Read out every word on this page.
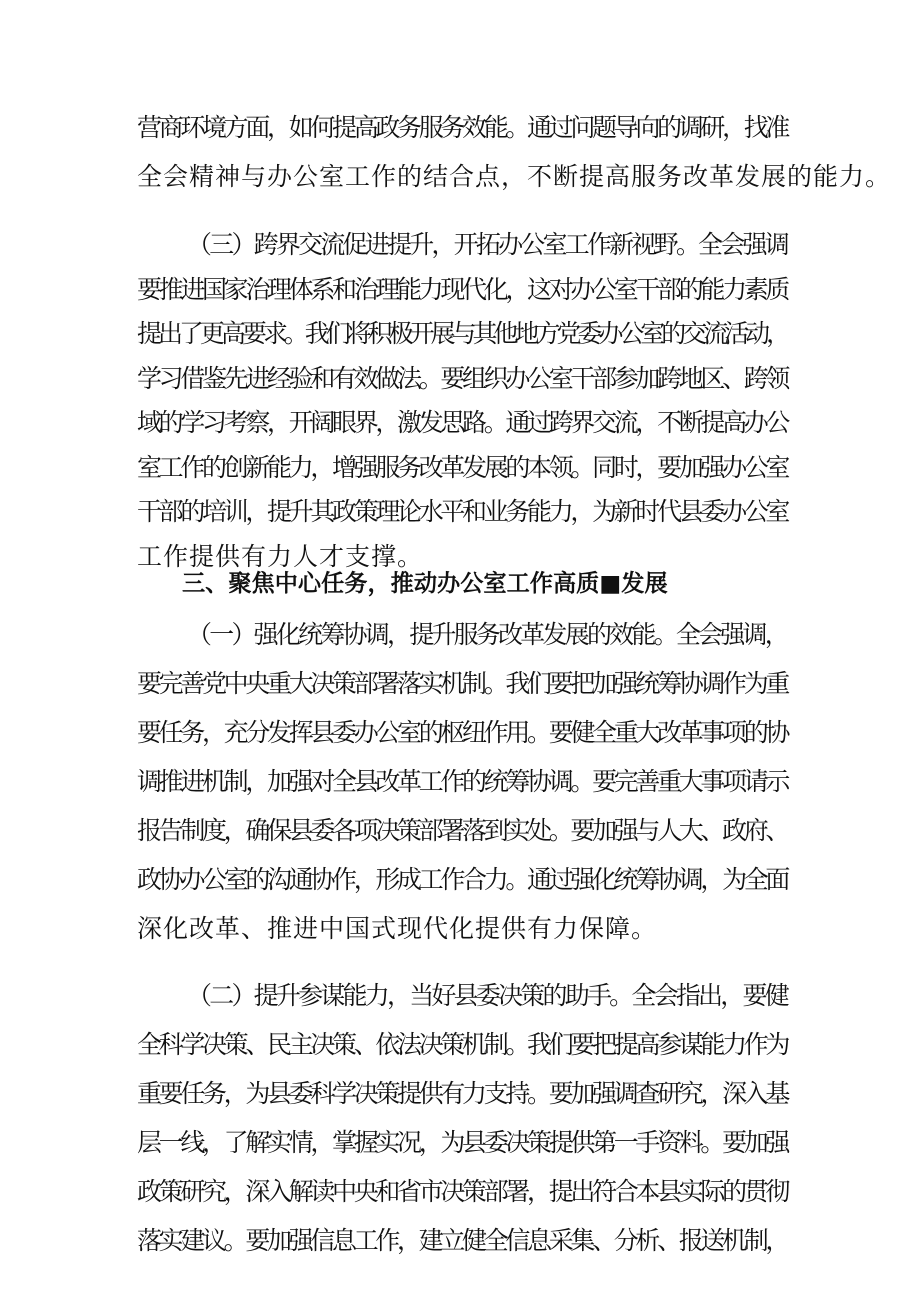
营商环境方面，如何提高政务服务效能。通过问题导向的调研，找准
全会精神与办公室工作的结合点，不断提高服务改革发展的能力。
（三）跨界交流促进提升，开拓办公室工作新视野。全会强调
要推进国家治理体系和治理能力现代化，这对办公室干部的能力素质
提出了更高要求。我们将积极开展与其他地方党委办公室的交流活动，
学习借鉴先进经验和有效做法。要组织办公室干部参加跨地区、跨领
域的学习考察，开阔眼界，激发思路。通过跨界交流，不断提高办公
室工作的创新能力，增强服务改革发展的本领。同时，要加强办公室
干部的培训，提升其政策理论水平和业务能力，为新时代县委办公室
三、聚焦中心任务，推动办公室工作高质■发展
（一）强化统筹协调，提升服务改革发展的效能。全会强调，
要完善党中央重大决策部署落实机制。我们要把加强统筹协调作为重
要任务，充分发挥县委办公室的枢纽作用。要健全重大改革事项的协
调推进机制，加强对全县改革工作的统筹协调。要完善重大事项请示
报告制度，确保县委各项决策部署落到实处。要加强与人大、政府、
政协办公室的沟通协作，形成工作合力。通过强化统筹协调，为全面
深化改革、推进中国式现代化提供有力保障。
（二）提升参谋能力，当好县委决策的助手。全会指出，要健
全科学决策、民主决策、依法决策机制。我们要把提高参谋能力作为
重要任务，为县委科学决策提供有力支持。要加强调查研究，深入基
层一线，了解实情，掌握实况，为县委决策提供第一手资料。要加强
政策研究，深入解读中央和省市决策部署，提出符合本县实际的贯彻
落实建议。要加强信息工作，建立健全信息采集、分析、报送机制，
工作提供有力人才支撑。
